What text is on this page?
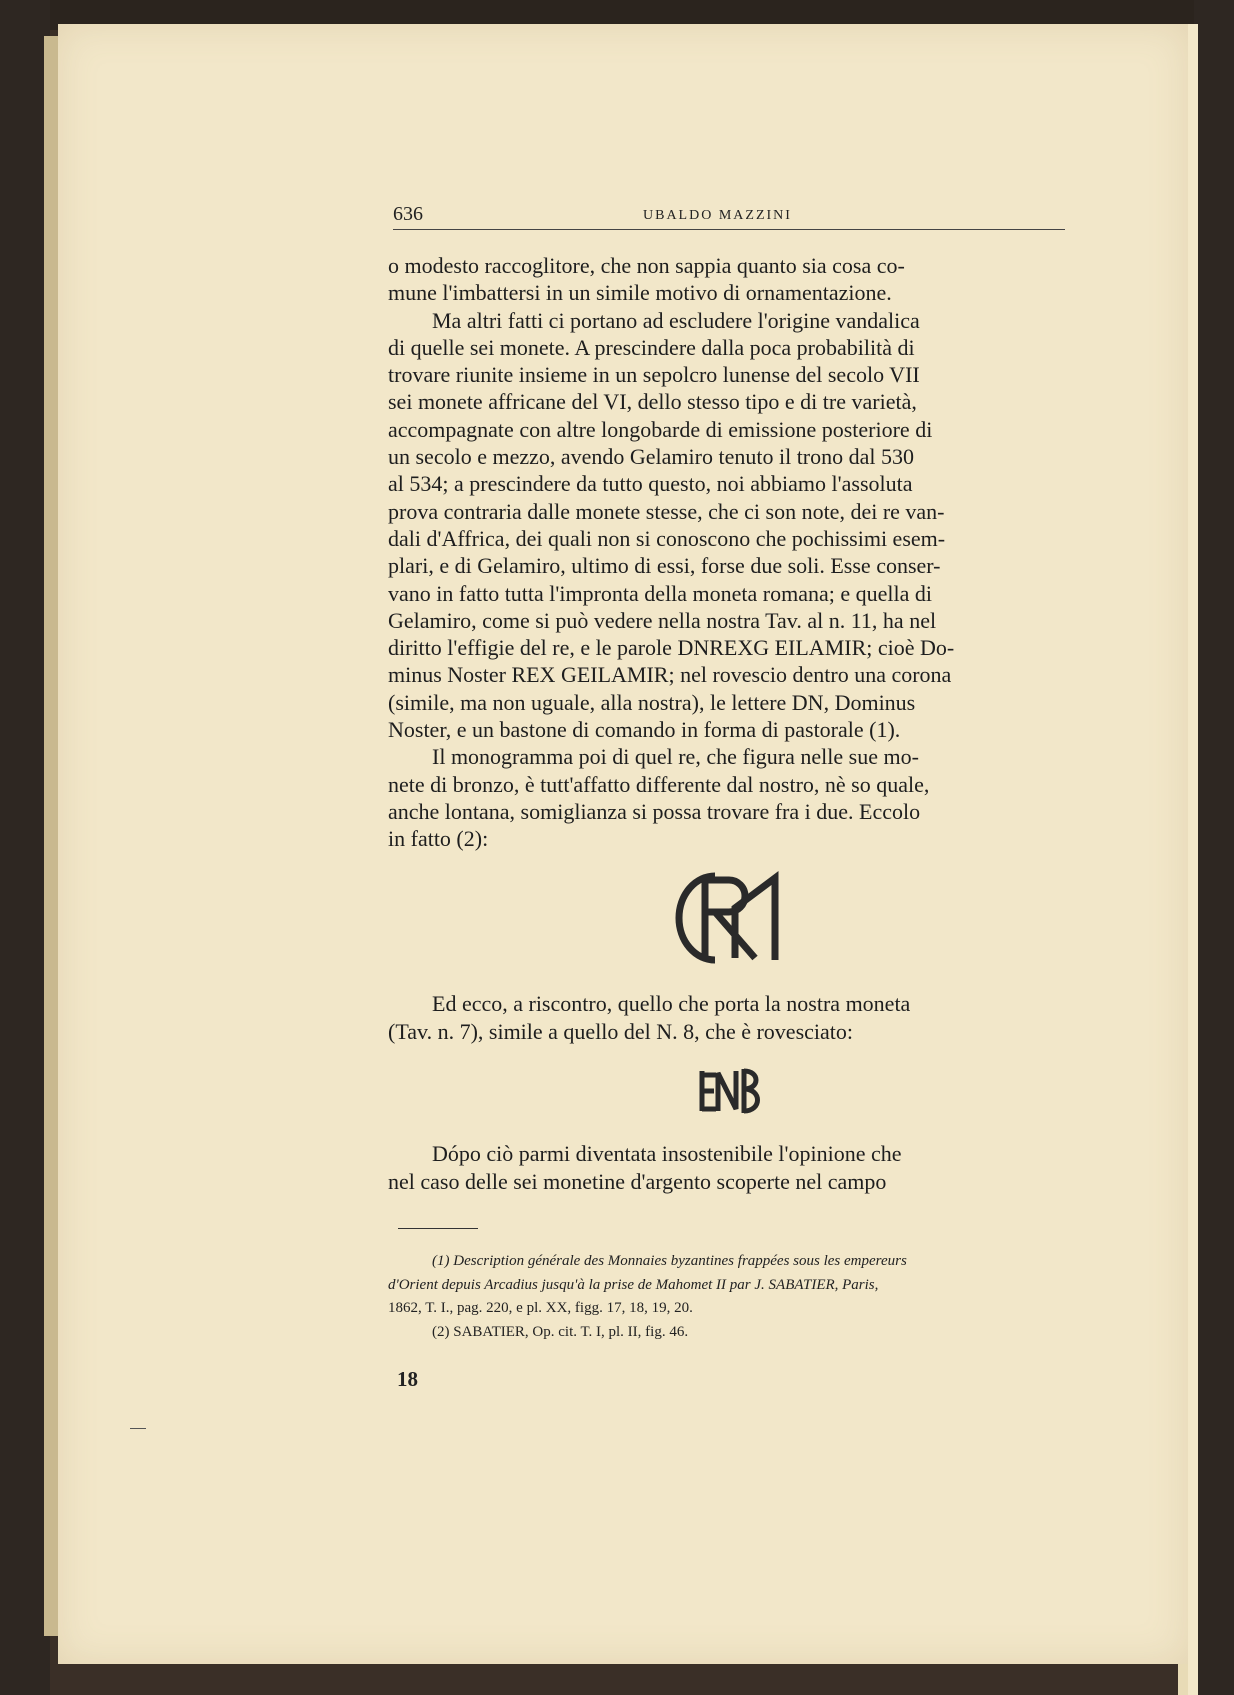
636	UBALDO MAZZINI

o modesto raccoglitore, che non sappia quanto sia cosa co-

mune l'imbattersi in un simile motivo di ornamentazione.

Ma altri fatti ci portano ad escludere l'origine vandalica

di quelle sei monete. A prescindere dalla poca probabilità di

trovare riunite insieme in un sepolcro lunense del secolo VII

sei monete affricane del VI, dello stesso tipo e di tre varietà,

accompagnate con altre longobarde di emissione posteriore di

un secolo e mezzo, avendo Gelamiro tenuto il trono dal 530

al 534; a prescindere da tutto questo, noi abbiamo l'assoluta

prova contraria dalle monete stesse, che ci son note, dei re van-

dali d'Affrica, dei quali non si conoscono che pochissimi esem-

plari, e di Gelamiro, ultimo di essi, forse due soli. Esse conser-

vano in fatto tutta l'impronta della moneta romana; e quella di

Gelamiro, come si può vedere nella nostra Tav. al n. 11, ha nel

diritto l'effigie del re, e le parole DNREXG EILAMIR; cioè Do-

minus Noster REX GEILAMIR; nel rovescio dentro una corona

(simile, ma non uguale, alla nostra), le lettere DN, Dominus

Noster, e un bastone di comando in forma di pastorale (1).

Il monogramma poi di quel re, che figura nelle sue mo-

nete di bronzo, è tutt'affatto differente dal nostro, nè so quale,

anche lontana, somiglianza si possa trovare fra i due. Eccolo

in fatto (2):

Ed ecco, a riscontro, quello che porta la nostra moneta

(Tav. n. 7), simile a quello del N. 8, che è rovesciato:

Dópo ciò parmi diventata insostenibile l'opinione che

nel caso delle sei monetine d'argento scoperte nel campo

(1) Description générale des Monnaies byzantines frappées sous les empereurs

d'Orient depuis Arcadius jusqu'à la prise de Mahomet II par J. SABATIER, Paris,

1862, T. I., pag. 220, e pl. XX, figg. 17, 18, 19, 20.

(2) SABATIER, Op. cit. T. I, pl. II, fig. 46.

18
